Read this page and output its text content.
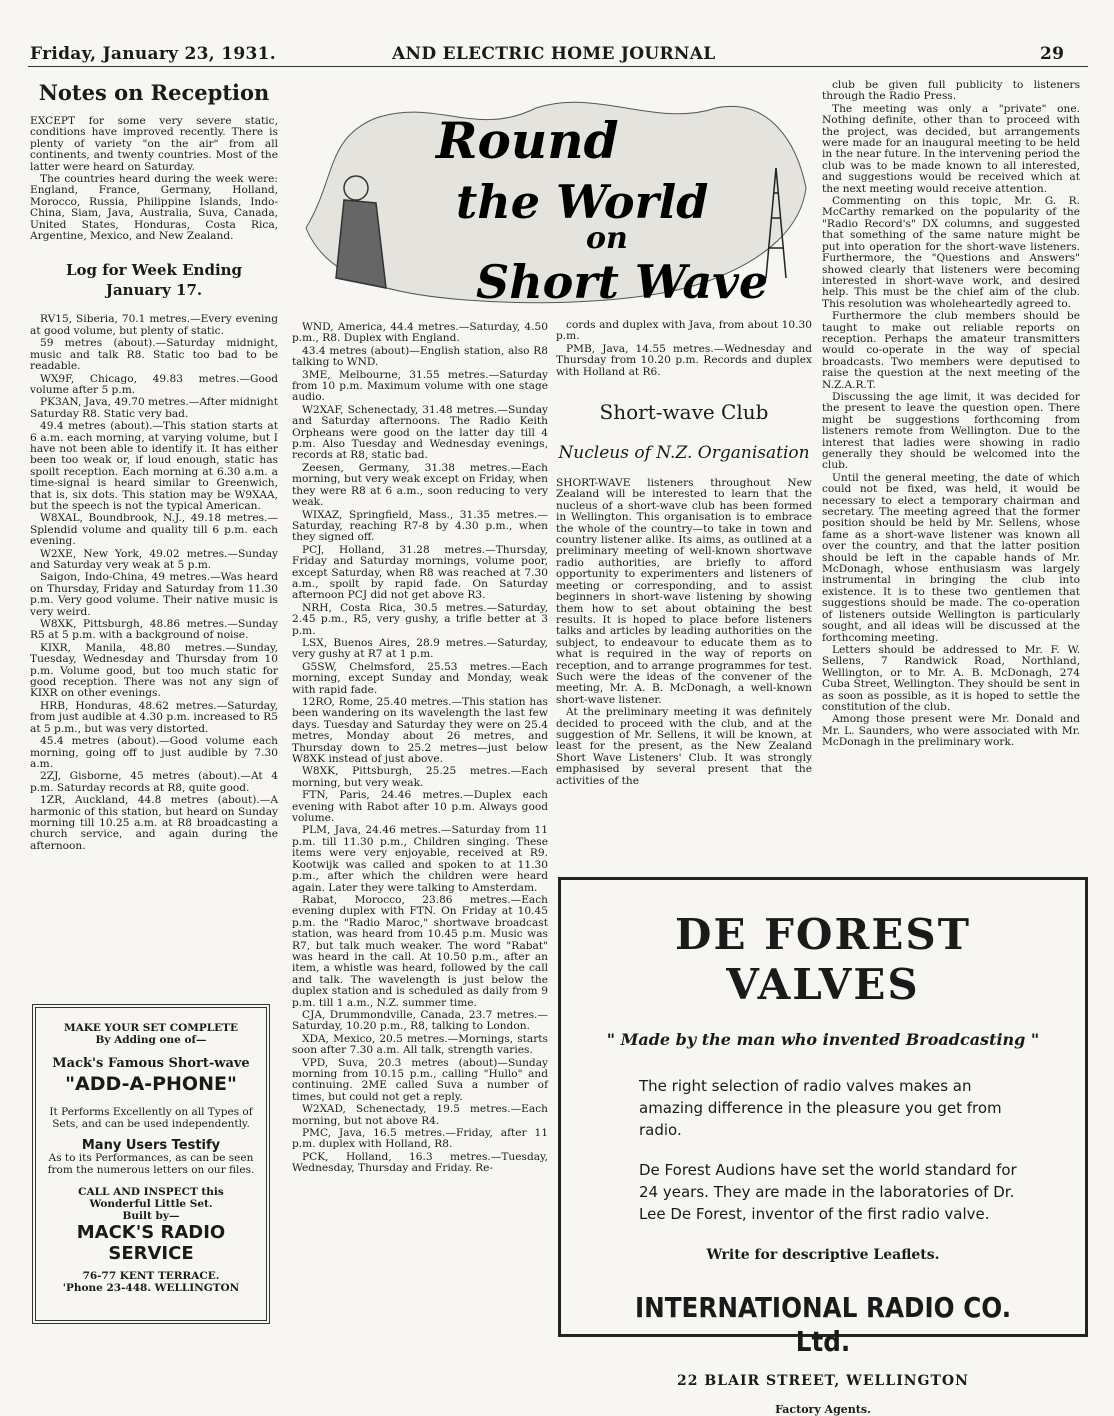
Friday, January 23, 1931.	AND ELECTRIC HOME JOURNAL	29
Notes on Reception

EXCEPT for some very severe static, conditions have improved recently. There is plenty of variety "on the air" from all continents, and twenty countries. Most of the latter were heard on Saturday.

The countries heard during the week were: England, France, Germany, Holland, Morocco, Russia, Philippine Islands, Indo-China, Siam, Java, Australia, Suva, Canada, United States, Honduras, Costa Rica, Argentine, Mexico, and New Zealand.

Log for Week Ending
January 17.

RV15, Siberia, 70.1 metres.—Every evening at good volume, but plenty of static.

59 metres (about).—Saturday midnight, music and talk R8. Static too bad to be readable.

WX9F, Chicago, 49.83 metres.—Good volume after 5 p.m.

PK3AN, Java, 49.70 metres.—After midnight Saturday R8. Static very bad.

49.4 metres (about).—This station starts at 6 a.m. each morning, at varying volume, but I have not been able to identify it. It has either been too weak or, if loud enough, static has spoilt reception. Each morning at 6.30 a.m. a time-signal is heard similar to Greenwich, that is, six dots. This station may be W9XAA, but the speech is not the typical American.

W8XAL, Boundbrook, N.J., 49.18 metres.—Splendid volume and quality till 6 p.m. each evening.

W2XE, New York, 49.02 metres.—Sunday and Saturday very weak at 5 p.m.

Saigon, Indo-China, 49 metres.—Was heard on Thursday, Friday and Saturday from 11.30 p.m. Very good volume. Their native music is very weird.

W8XK, Pittsburgh, 48.86 metres.—Sunday R5 at 5 p.m. with a background of noise.

KIXR, Manila, 48.80 metres.—Sunday, Tuesday, Wednesday and Thursday from 10 p.m. Volume good, but too much static for good reception. There was not any sign of KIXR on other evenings.

HRB, Honduras, 48.62 metres.—Saturday, from just audible at 4.30 p.m. increased to R5 at 5 p.m., but was very distorted.

45.4 metres (about).—Good volume each morning, going off to just audible by 7.30 a.m.

2ZJ, Gisborne, 45 metres (about).—At 4 p.m. Saturday records at R8, quite good.

1ZR, Auckland, 44.8 metres (about).—A harmonic of this station, but heard on Sunday morning till 10.25 a.m. at R8 broadcasting a church service, and again during the afternoon.

MAKE YOUR SET COMPLETE
By Adding one of—
Mack's Famous Short-wave
"ADD-A-PHONE"
It Performs Excellently on all Types of Sets, and can be used independently.
Many Users Testify
As to its Performances, as can be seen from the numerous letters on our files.
CALL AND INSPECT this Wonderful Little Set.
Built by—
MACK'S RADIO
SERVICE
76-77 KENT TERRACE.
'Phone 23-448. WELLINGTON
Round
the World
on
Short Wave

WND, America, 44.4 metres.—Saturday, 4.50 p.m., R8. Duplex with England.

43.4 metres (about)—English station, also R8 talking to WND.

3ME, Melbourne, 31.55 metres.—Saturday from 10 p.m. Maximum volume with one stage audio.

W2XAF, Schenectady, 31.48 metres.—Sunday and Saturday afternoons. The Radio Keith Orpheans were good on the latter day till 4 p.m. Also Tuesday and Wednesday evenings, records at R8, static bad.

Zeesen, Germany, 31.38 metres.—Each morning, but very weak except on Friday, when they were R8 at 6 a.m., soon reducing to very weak.

WIXAZ, Springfield, Mass., 31.35 metres.—Saturday, reaching R7-8 by 4.30 p.m., when they signed off.

PCJ, Holland, 31.28 metres.—Thursday, Friday and Saturday mornings, volume poor, except Saturday, when R8 was reached at 7.30 a.m., spoilt by rapid fade. On Saturday afternoon PCJ did not get above R3.

NRH, Costa Rica, 30.5 metres.—Saturday, 2.45 p.m., R5, very gushy, a trifle better at 3 p.m.

LSX, Buenos Aires, 28.9 metres.—Saturday, very gushy at R7 at 1 p.m.

G5SW, Chelmsford, 25.53 metres.—Each morning, except Sunday and Monday, weak with rapid fade.

12RO, Rome, 25.40 metres.—This station has been wandering on its wavelength the last few days. Tuesday and Saturday they were on 25.4 metres, Monday about 26 metres, and Thursday down to 25.2 metres—just below W8XK instead of just above.

W8XK, Pittsburgh, 25.25 metres.—Each morning, but very weak.

FTN, Paris, 24.46 metres.—Duplex each evening with Rabot after 10 p.m. Always good volume.

PLM, Java, 24.46 metres.—Saturday from 11 p.m. till 11.30 p.m., Children singing. These items were very enjoyable, received at R9. Kootwijk was called and spoken to at 11.30 p.m., after which the children were heard again. Later they were talking to Amsterdam.

Rabat, Morocco, 23.86 metres.—Each evening duplex with FTN. On Friday at 10.45 p.m. the "Radio Maroc," shortwave broadcast station, was heard from 10.45 p.m. Music was R7, but talk much weaker. The word "Rabat" was heard in the call. At 10.50 p.m., after an item, a whistle was heard, followed by the call and talk. The wavelength is just below the duplex station and is scheduled as daily from 9 p.m. till 1 a.m., N.Z. summer time.

CJA, Drummondville, Canada, 23.7 metres.—Saturday, 10.20 p.m., R8, talking to London.

XDA, Mexico, 20.5 metres.—Mornings, starts soon after 7.30 a.m. All talk, strength varies.

VPD, Suva, 20.3 metres (about)—Sunday morning from 10.15 p.m., calling "Hullo" and continuing. 2ME called Suva a number of times, but could not get a reply.

W2XAD, Schenectady, 19.5 metres.—Each morning, but not above R4.

PMC, Java, 16.5 metres.—Friday, after 11 p.m. duplex with Holland, R8.

PCK, Holland, 16.3 metres.—Tuesday, Wednesday, Thursday and Friday. Re-

cords and duplex with Java, from about 10.30 p.m.

PMB, Java, 14.55 metres.—Wednesday and Thursday from 10.20 p.m. Records and duplex with Holland at R6.

Short-wave Club
Nucleus of N.Z. Organisation

SHORT-WAVE listeners throughout New Zealand will be interested to learn that the nucleus of a short-wave club has been formed in Wellington. This organisation is to embrace the whole of the country—to take in town and country listener alike. Its aims, as outlined at a preliminary meeting of well-known shortwave radio authorities, are briefly to afford opportunity to experimenters and listeners of meeting or corresponding, and to assist beginners in short-wave listening by showing them how to set about obtaining the best results. It is hoped to place before listeners talks and articles by leading authorities on the subject, to endeavour to educate them as to what is required in the way of reports on reception, and to arrange programmes for test. Such were the ideas of the convener of the meeting, Mr. A. B. McDonagh, a well-known short-wave listener.

At the preliminary meeting it was definitely decided to proceed with the club, and at the suggestion of Mr. Sellens, it will be known, at least for the present, as the New Zealand Short Wave Listeners' Club. It was strongly emphasised by several present that the activities of the

club be given full publicity to listeners through the Radio Press.

The meeting was only a "private" one. Nothing definite, other than to proceed with the project, was decided, but arrangements were made for an inaugural meeting to be held in the near future. In the intervening period the club was to be made known to all interested, and suggestions would be received which at the next meeting would receive attention.

Commenting on this topic, Mr. G. R. McCarthy remarked on the popularity of the "Radio Record's" DX columns, and suggested that something of the same nature might be put into operation for the short-wave listeners. Furthermore, the "Questions and Answers" showed clearly that listeners were becoming interested in short-wave work, and desired help. This must be the chief aim of the club. This resolution was wholeheartedly agreed to.

Furthermore the club members should be taught to make out reliable reports on reception. Perhaps the amateur transmitters would co-operate in the way of special broadcasts. Two members were deputised to raise the question at the next meeting of the N.Z.A.R.T.

Discussing the age limit, it was decided for the present to leave the question open. There might be suggestions forthcoming from listeners remote from Wellington. Due to the interest that ladies were showing in radio generally they should be welcomed into the club.

Until the general meeting, the date of which could not be fixed, was held, it would be necessary to elect a temporary chairman and secretary. The meeting agreed that the former position should be held by Mr. Sellens, whose fame as a short-wave listener was known all over the country, and that the latter position should be left in the capable hands of Mr. McDonagh, whose enthusiasm was largely instrumental in bringing the club into existence. It is to these two gentlemen that suggestions should be made. The co-operation of listeners outside Wellington is particularly sought, and all ideas will be discussed at the forthcoming meeting.

Letters should be addressed to Mr. F. W. Sellens, 7 Randwick Road, Northland, Wellington, or to Mr. A. B. McDonagh, 274 Cuba Street, Wellington. They should be sent in as soon as possible, as it is hoped to settle the constitution of the club.

Among those present were Mr. Donald and Mr. L. Saunders, who were associated with Mr. McDonagh in the preliminary work.

DE FOREST VALVES
" Made by the man who invented Broadcasting "
The right selection of radio valves makes an amazing difference in the pleasure you get from radio.
De Forest Audions have set the world standard for 24 years. They are made in the laboratories of Dr. Lee De Forest, inventor of the first radio valve.
Write for descriptive Leaflets.
INTERNATIONAL RADIO CO. Ltd.
22 BLAIR STREET, WELLINGTON
Factory Agents.
